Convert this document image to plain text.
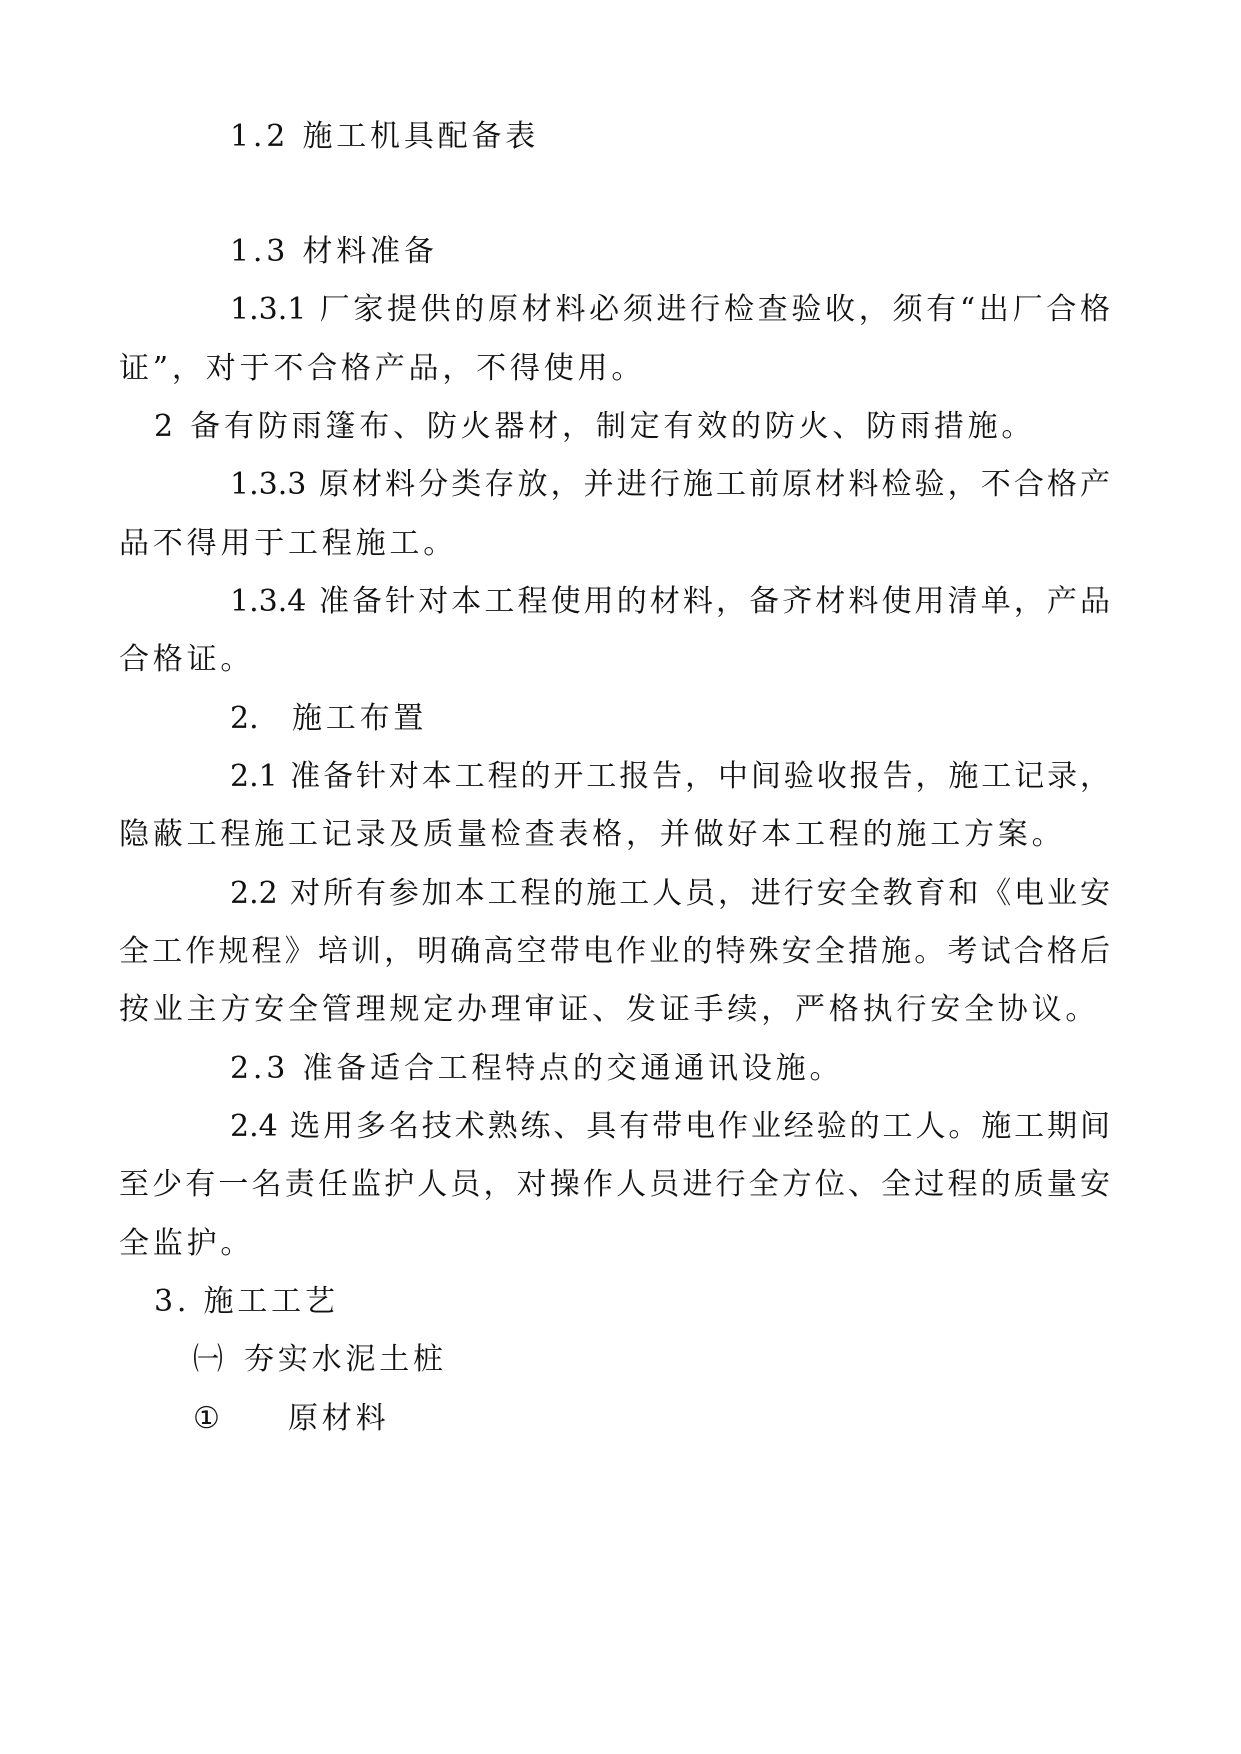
1.2 施工机具配备表
1.3 材料准备
1.3.1 厂家提供的原材料必须进行检查验收，须有“出厂合格
证”，对于不合格产品，不得使用。
2 备有防雨篷布、防火器材，制定有效的防火、防雨措施。
1.3.3 原材料分类存放，并进行施工前原材料检验，不合格产
品不得用于工程施工。
1.3.4 准备针对本工程使用的材料，备齐材料使用清单，产品
合格证。
2. 施工布置
2.1 准备针对本工程的开工报告，中间验收报告，施工记录，
隐蔽工程施工记录及质量检查表格，并做好本工程的施工方案。
2.2 对所有参加本工程的施工人员，进行安全教育和《电业安
全工作规程》培训，明确高空带电作业的特殊安全措施。考试合格后
按业主方安全管理规定办理审证、发证手续，严格执行安全协议。
2.3 准备适合工程特点的交通通讯设施。
2.4 选用多名技术熟练、具有带电作业经验的工人。施工期间
至少有一名责任监护人员，对操作人员进行全方位、全过程的质量安
全监护。
3. 施工工艺
㈠ 夯实水泥土桩
① 原材料
